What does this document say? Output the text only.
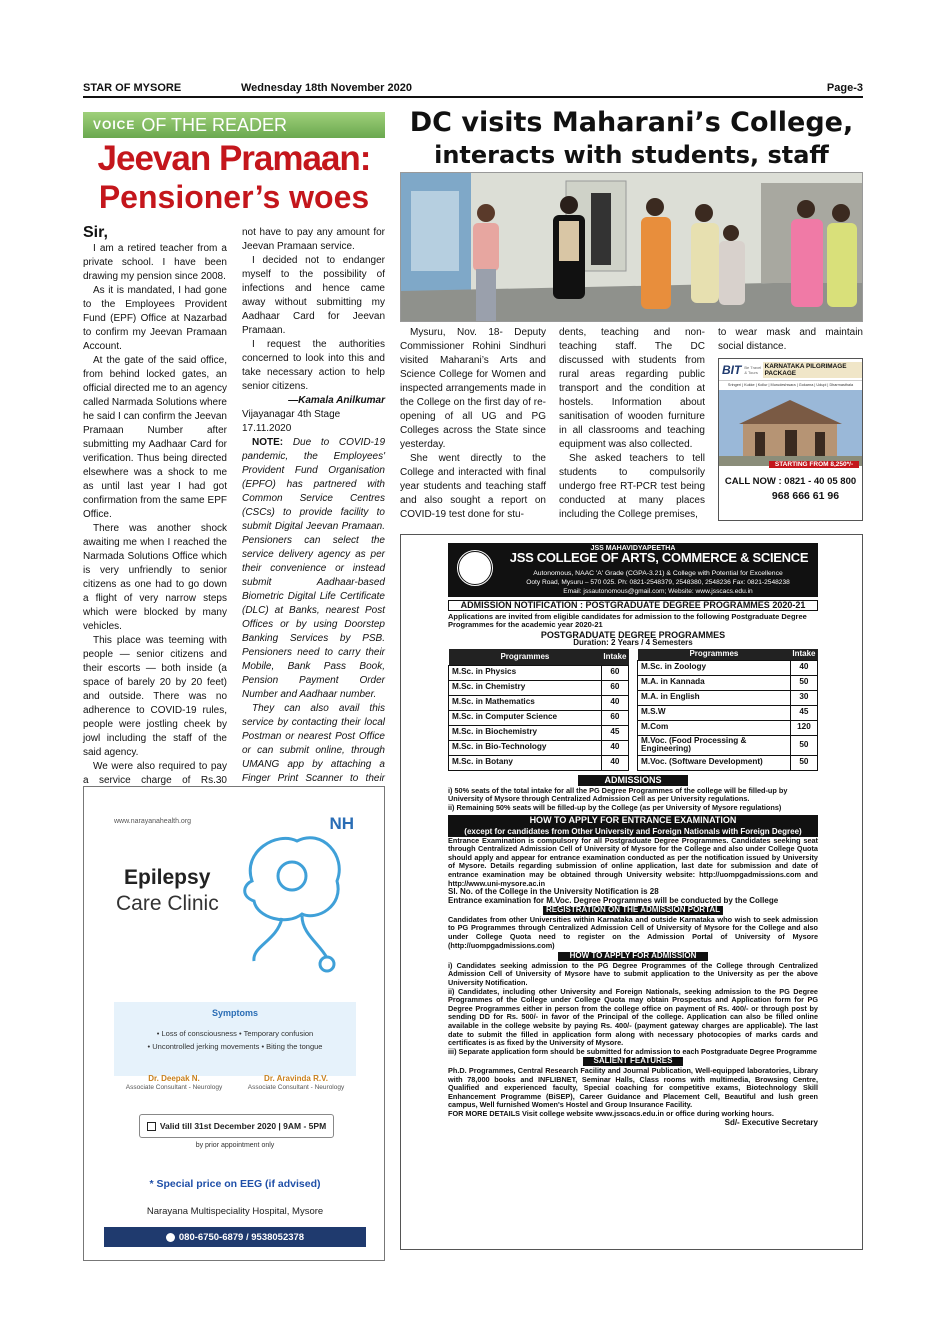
STAR OF MYSORE	Wednesday 18th November 2020	Page-3
VOICE OF THE READER
Jeevan Pramaan:
Pensioner’s woes

Sir,

I am a retired teacher from a private school. I have been drawing my pension since 2008.

As it is mandated, I had gone to the Employees Provident Fund (EPF) Office at Nazarbad to confirm my Jeevan Pramaan Account.

At the gate of the said office, from behind locked gates, an official directed me to an agency called Narmada Solutions where he said I can confirm the Jeevan Pramaan Number after submitting my Aadhaar Card for verification. Thus being directed elsewhere was a shock to me as until last year I had got confirmation from the same EPF Office.

There was another shock awaiting me when I reached the Narmada Solutions Office which is very unfriendly to senior citizens as one had to go down a flight of very narrow steps which were blocked by many vehicles.

This place was teeming with people — senior citizens and their escorts — both inside (a space of barely 20 by 20 feet) and outside. There was no adherence to COVID-19 rules, people were jostling cheek by jowl including the staff of the said agency.

We were also required to pay a service charge of Rs.30

not have to pay any amount for Jeevan Pramaan service.

I decided not to endanger myself to the possibility of infections and hence came away without submitting my Aadhaar Card for Jeevan Pramaan.

I request the authorities concerned to look into this and take necessary action to help senior citizens.

—Kamala Anilkumar

Vijayanagar 4th Stage

17.11.2020

NOTE: Due to COVID-19 pandemic, the Employees' Provident Fund Organisation (EPFO) has partnered with Common Service Centres (CSCs) to provide facility to submit Digital Jeevan Pramaan. Pensioners can select the service delivery agency as per their convenience or instead submit Aadhaar-based Biometric Digital Life Certificate (DLC) at Banks, nearest Post Offices or by using Doorstep Banking Services by PSB. Pensioners need to carry their Mobile, Bank Pass Book, Pension Payment Order Number and Aadhaar number.

They can also avail this service by contacting their local Postman or nearest Post Office or can submit online, through UMANG app by attaching a Finger Print Scanner to their

DC visits Maharani’s College,
interacts with students, staff

Mysuru, Nov. 18- Deputy Commissioner Rohini Sindhuri visited Maharani’s Arts and Science College for Women and inspected arrangements made in the College on the first day of re-opening of all UG and PG Colleges across the State since yesterday.

She went directly to the College and interacted with final year students and teaching staff and also sought a report on COVID-19 test done for stu-

dents, teaching and non-teaching staff. The DC discussed with students from rural areas regarding public transport and the condition at hostels. Information about sanitisation of wooden furniture in all classrooms and teaching equipment was also collected.

She asked teachers to tell students to compulsorily undergo free RT-PCR test being conducted at many places including the College premises,

to wear mask and maintain social distance.

BIT Be Travel & Tours
KARNATAKA PILGRIMAGE PACKAGE
Sringeri | Kukke | Kollur | Murudeshwara | Gokarna | Udupi | Dharmasthala
STARTING FROM 8,250*/-
CALL NOW : 0821 - 40 05 800
968 666 61 96
JSS MAHAVIDYAPEETHA
JSS COLLEGE OF ARTS, COMMERCE & SCIENCE
Autonomous, NAAC 'A' Grade (CGPA-3.21) & College with Potential for Excellence
Ooty Road, Mysuru – 570 025. Ph: 0821-2548379, 2548380, 2548236 Fax: 0821-2548238
Email: jssautonomous@gmail.com; Website: www.jsscacs.edu.in
ADMISSION NOTIFICATION : POSTGRADUATE DEGREE PROGRAMMES 2020-21
Applications are invited from eligible candidates for admission to the following Postgraduate Degree Programmes for the academic year 2020-21
POSTGRADUATE DEGREE PROGRAMMES
Duration: 2 Years / 4 Semesters
Programmes	Intake
M.Sc. in Physics	60
M.Sc. in Chemistry	60
M.Sc. in Mathematics	40
M.Sc. in Computer Science	60
M.Sc. in Biochemistry	45
M.Sc. in Bio-Technology	40
M.Sc. in Botany	40
Programmes	Intake
M.Sc. in Zoology	40
M.A. in Kannada	50
M.A. in English	30
M.S.W	45
M.Com	120
M.Voc. (Food Processing & Engineering)	50
M.Voc. (Software Development)	50
ADMISSIONS
i) 50% seats of the total intake for all the PG Degree Programmes of the college will be filled-up by University of Mysore through Centralized Admission Cell as per University regulations.
ii) Remaining 50% seats will be filled-up by the College (as per University of Mysore regulations)
HOW TO APPLY FOR ENTRANCE EXAMINATION
(except for candidates from Other University and Foreign Nationals with Foreign Degree)
Entrance Examination is compulsory for all Postgraduate Degree Programmes. Candidates seeking seat through Centralized Admission Cell of University of Mysore for the College and also under College Quota should apply and appear for entrance examination conducted as per the notification issued by University of Mysore. Details regarding submission of online application, last date for submission and date of entrance examination may be obtained through University website: http://uompgadmissions.com and http://www.uni-mysore.ac.in
Sl. No. of the College in the University Notification is 28
Entrance examination for M.Voc. Degree Programmes will be conducted by the College
REGISTRATION ON THE ADMISSION PORTAL
Candidates from other Universities within Karnataka and outside Karnataka who wish to seek admission to PG Programmes through Centralized Admission Cell of University of Mysore for the College and also under College Quota need to register on the Admission Portal of University of Mysore (http://uompgadmissions.com)
HOW TO APPLY FOR ADMISSION
i) Candidates seeking admission to the PG Degree Programmes of the College through Centralized Admission Cell of University of Mysore have to submit application to the University as per the above University Notification.
ii) Candidates, including other University and Foreign Nationals, seeking admission to the PG Degree Programmes of the College under College Quota may obtain Prospectus and Application form for PG Degree Programmes either in person from the college office on payment of Rs. 400/- or through post by sending DD for Rs. 500/- in favor of the Principal of the college. Application can also be filled online available in the college website by paying Rs. 400/- (payment gateway charges are applicable). The last date to submit the filled in application form along with necessary photocopies of marks cards and certificates is as fixed by the University of Mysore.
iii) Separate application form should be submitted for admission to each Postgraduate Degree Programme
SALIENT FEATURES
Ph.D. Programmes, Central Research Facility and Journal Publication, Well-equipped laboratories, Library with 78,000 books and INFLIBNET, Seminar Halls, Class rooms with multimedia, Browsing Centre, Qualified and experienced faculty, Special coaching for competitive exams, Biotechnology Skill Enhancement Programme (BiSEP), Career Guidance and Placement Cell, Beautiful and lush green campus, Well furnished Women's Hostel and Group Insurance Facility.
FOR MORE DETAILS Visit college website www.jsscacs.edu.in or office during working hours.
Sd/- Executive Secretary
www.narayanahealth.org	NH
Epilepsy
Care Clinic
Symptoms
• Loss of consciousness • Temporary confusion
• Uncontrolled jerking movements • Biting the tongue
Dr. Deepak N.
Associate Consultant - Neurology
Dr. Aravinda R.V.
Associate Consultant - Neurology
Valid till 31st December 2020 | 9AM - 5PM
by prior appointment only
* Special price on EEG (if advised)
Narayana Multispeciality Hospital, Mysore
080-6750-6879 / 9538052378
